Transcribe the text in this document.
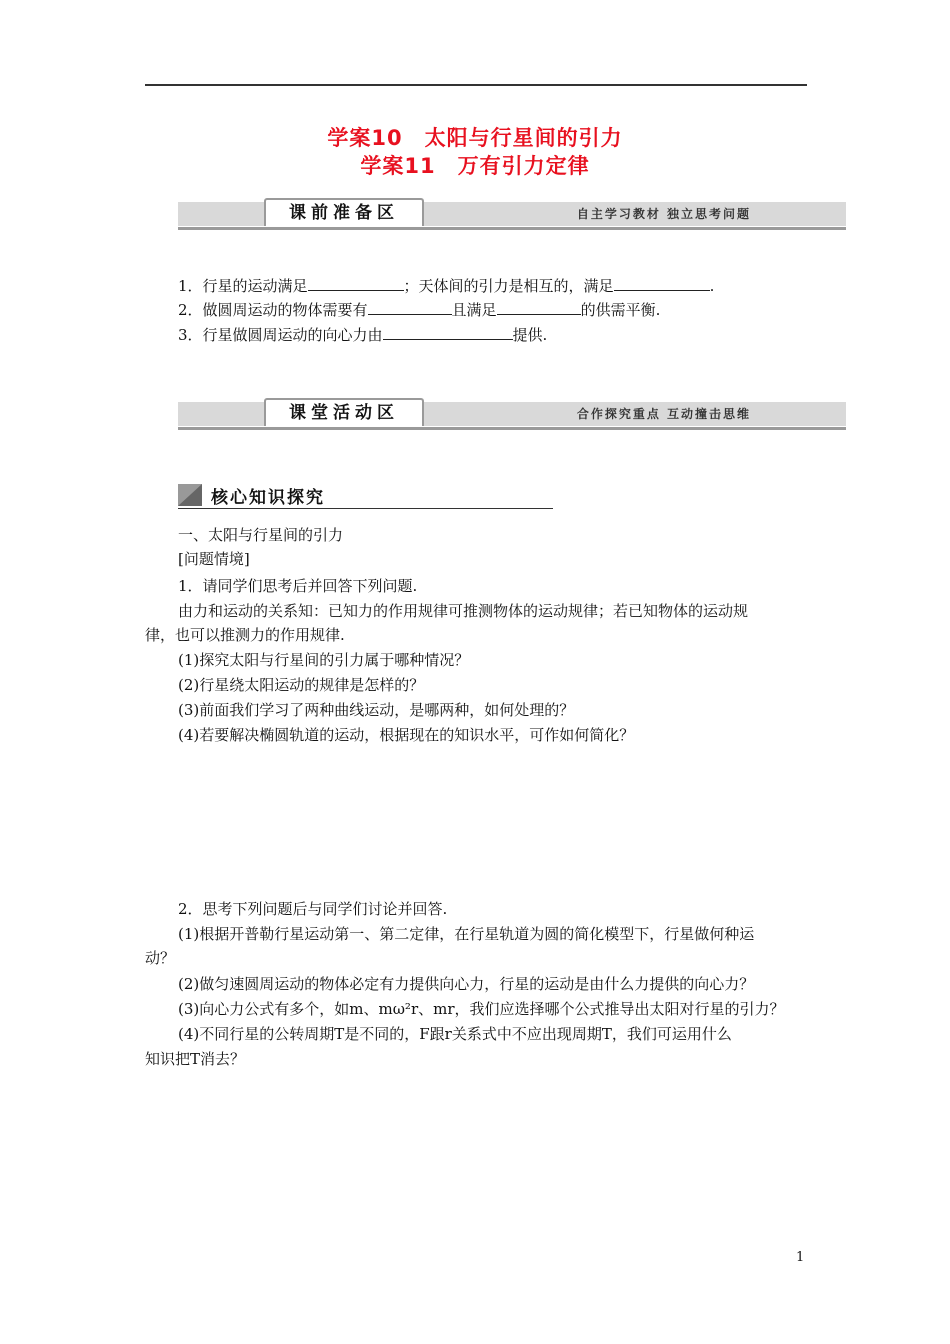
学案10　太阳与行星间的引力
学案11　万有引力定律
课前准备区	自主学习教材 独立思考问题
1．行星的运动满足	；天体间的引力是相互的，满足	.
2．做圆周运动的物体需要有	且满足	的供需平衡.
3．行星做圆周运动的向心力由	提供.
课堂活动区	合作探究重点 互动撞击思维
核心知识探究
一、太阳与行星间的引力
[问题情境]
1．请同学们思考后并回答下列问题.
由力和运动的关系知：已知力的作用规律可推测物体的运动规律；若已知物体的运动规
律，也可以推测力的作用规律.
(1)探究太阳与行星间的引力属于哪种情况？
(2)行星绕太阳运动的规律是怎样的？
(3)前面我们学习了两种曲线运动，是哪两种，如何处理的？
(4)若要解决椭圆轨道的运动，根据现在的知识水平，可作如何简化？
2．思考下列问题后与同学们讨论并回答.
(1)根据开普勒行星运动第一、第二定律，在行星轨道为圆的简化模型下，行星做何种运
动？
(2)做匀速圆周运动的物体必定有力提供向心力，行星的运动是由什么力提供的向心力？
(3)向心力公式有多个，如m、mω²r、mr，我们应选择哪个公式推导出太阳对行星的引力？
(4)不同行星的公转周期T是不同的，F跟r关系式中不应出现周期T，我们可运用什么
知识把T消去？
1
